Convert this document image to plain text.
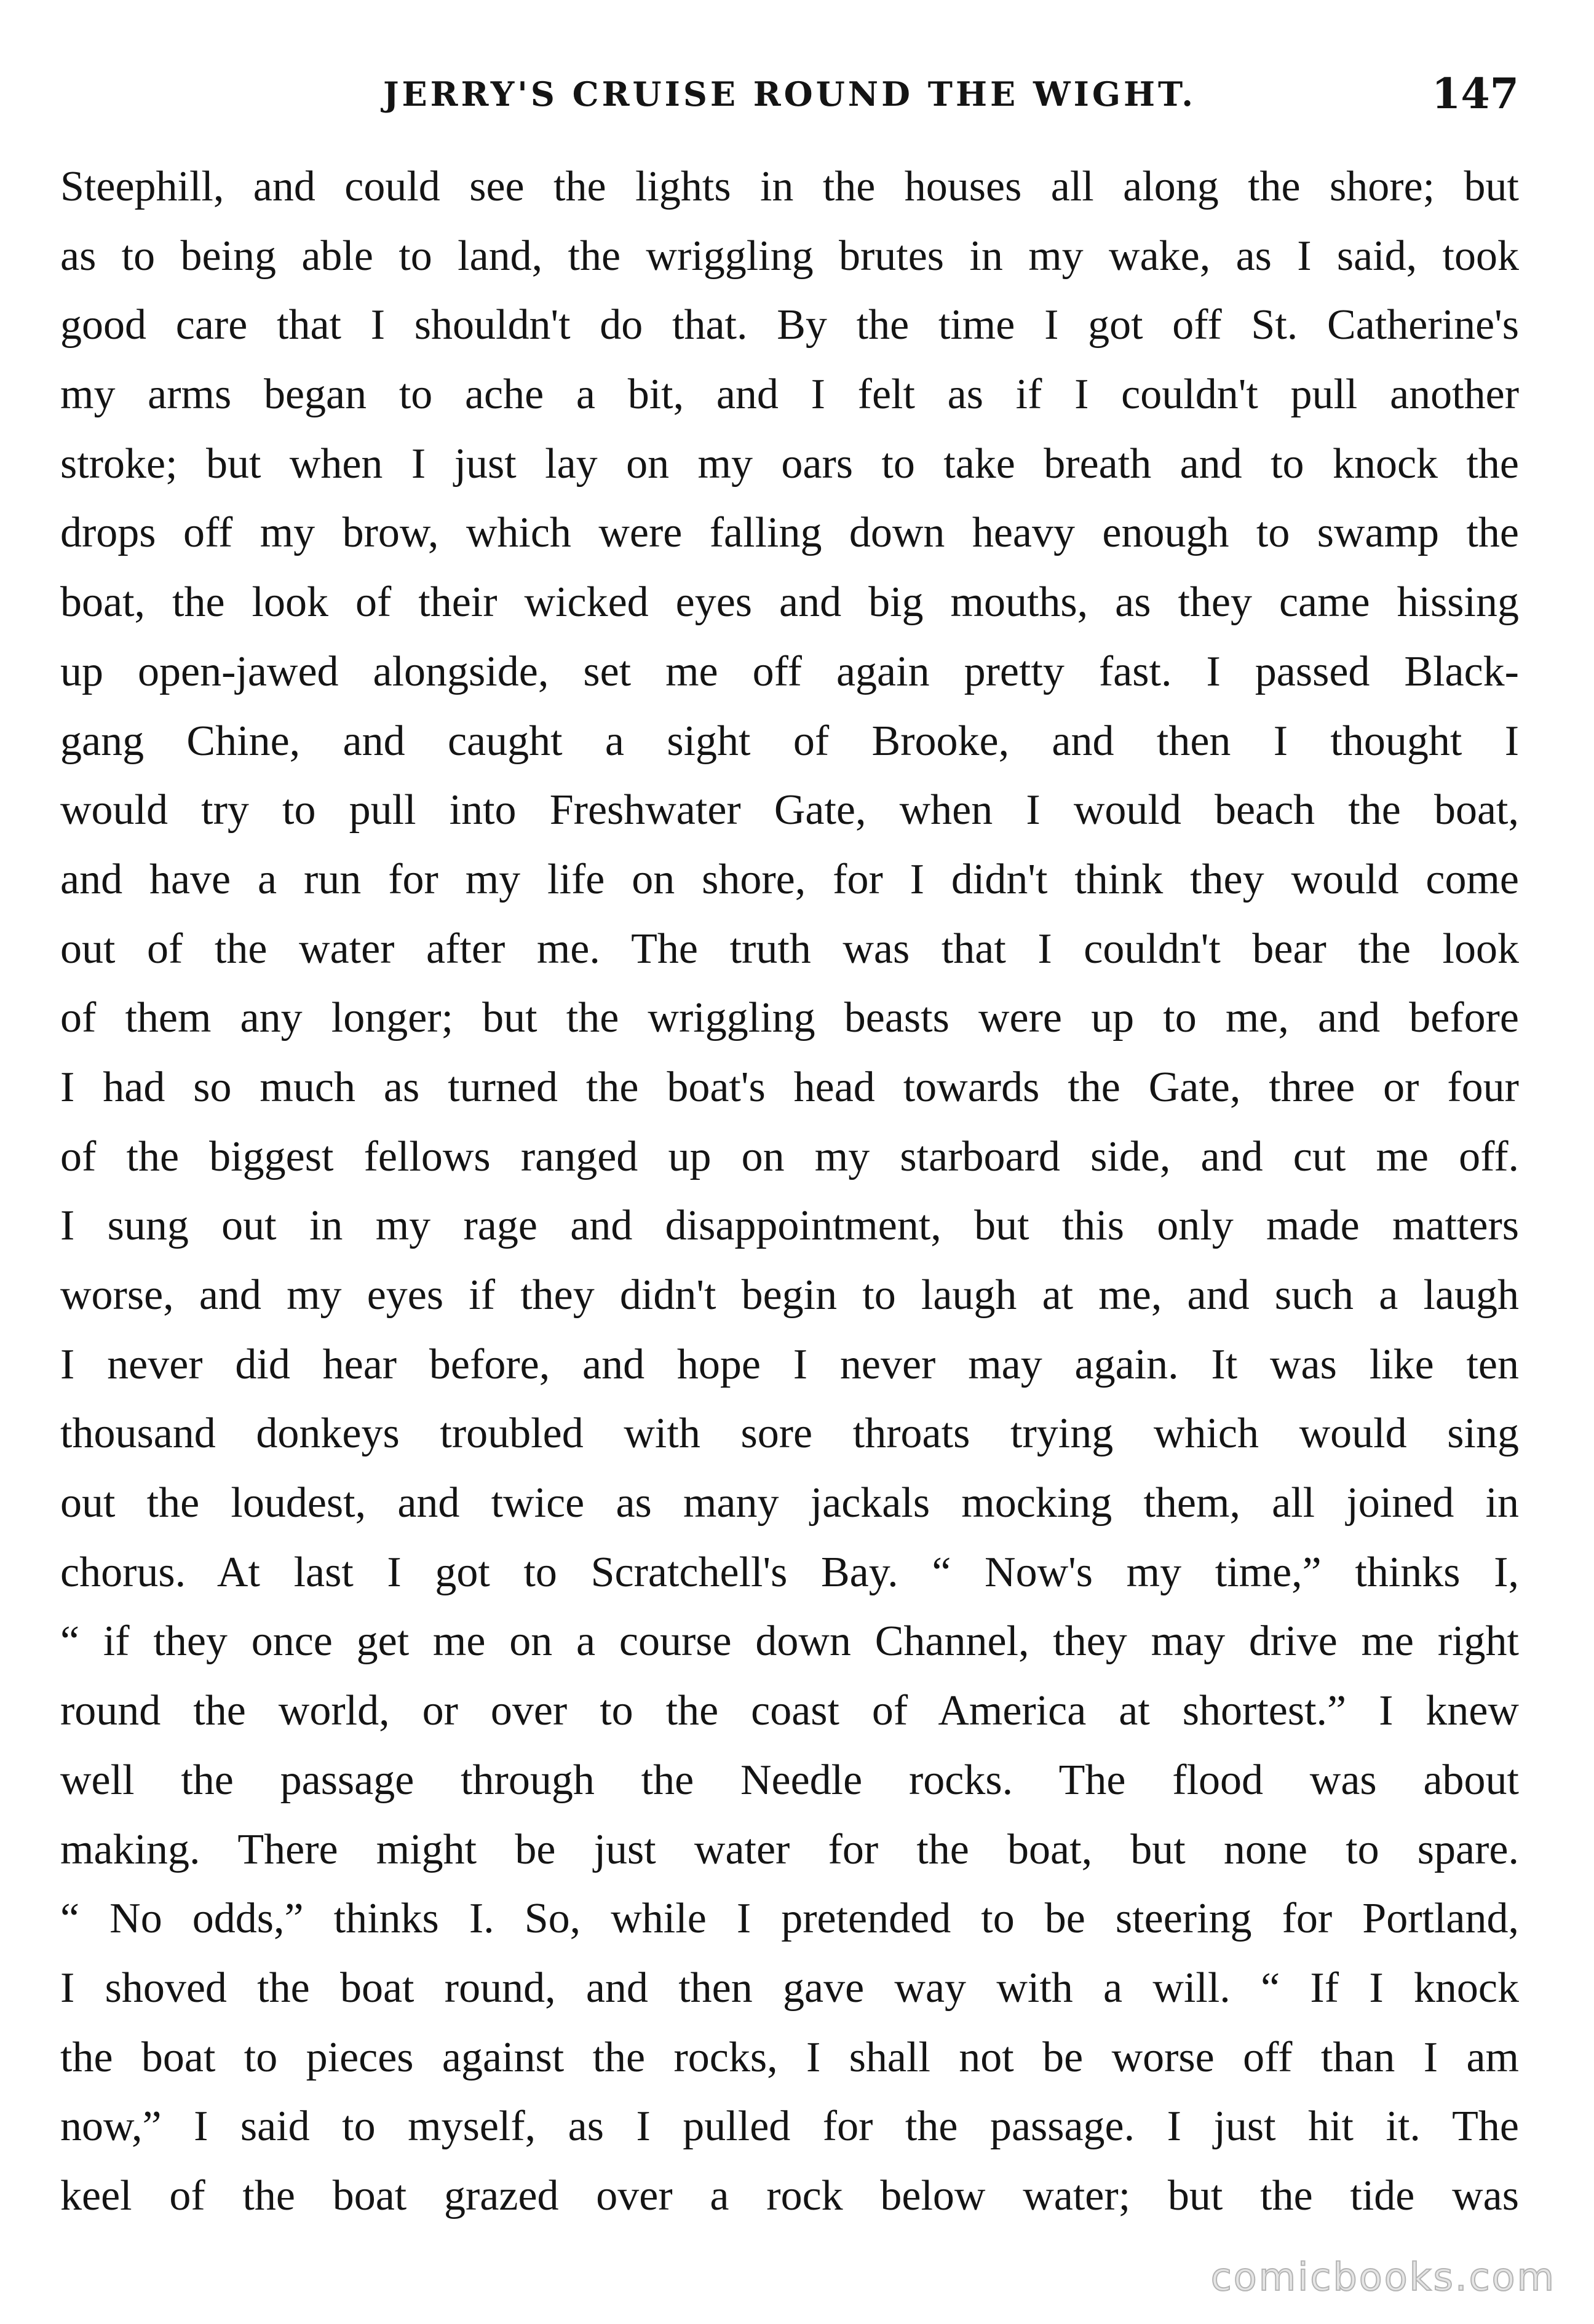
JERRY'S CRUISE ROUND THE WIGHT.	147
Steephill, and could see the lights in the houses all along the shore; but
as to being able to land, the wriggling brutes in my wake, as I said, took
good care that I shouldn't do that. By the time I got off St. Catherine's
my arms began to ache a bit, and I felt as if I couldn't pull another
stroke; but when I just lay on my oars to take breath and to knock the
drops off my brow, which were falling down heavy enough to swamp the
boat, the look of their wicked eyes and big mouths, as they came hissing
up open-jawed alongside, set me off again pretty fast. I passed Black-
gang Chine, and caught a sight of Brooke, and then I thought I
would try to pull into Freshwater Gate, when I would beach the boat,
and have a run for my life on shore, for I didn't think they would come
out of the water after me. The truth was that I couldn't bear the look
of them any longer; but the wriggling beasts were up to me, and before
I had so much as turned the boat's head towards the Gate, three or four
of the biggest fellows ranged up on my starboard side, and cut me off.
I sung out in my rage and disappointment, but this only made matters
worse, and my eyes if they didn't begin to laugh at me, and such a laugh
I never did hear before, and hope I never may again. It was like ten
thousand donkeys troubled with sore throats trying which would sing
out the loudest, and twice as many jackals mocking them, all joined in
chorus. At last I got to Scratchell's Bay. “ Now's my time,” thinks I,
“ if they once get me on a course down Channel, they may drive me right
round the world, or over to the coast of America at shortest.” I knew
well the passage through the Needle rocks. The flood was about
making. There might be just water for the boat, but none to spare.
“ No odds,” thinks I. So, while I pretended to be steering for Portland,
I shoved the boat round, and then gave way with a will. “ If I knock
the boat to pieces against the rocks, I shall not be worse off than I am
now,” I said to myself, as I pulled for the passage. I just hit it. The
keel of the boat grazed over a rock below water; but the tide was
comicbooks.com
